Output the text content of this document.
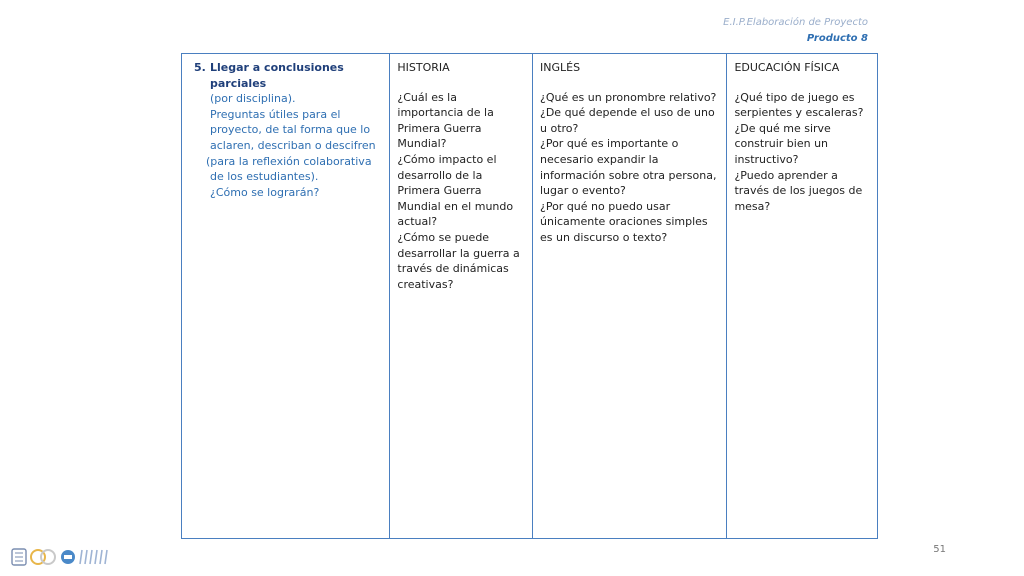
E.I.P.Elaboración de Proyecto
Producto 8
5. Llegar a conclusiones parciales
(por disciplina).
Preguntas útiles para el
proyecto, de tal forma que lo
aclaren, describan o descifren
(para la reflexión colaborativa
de los estudiantes).
¿Cómo se lograrán?
HISTORIA
¿Cuál es la importancia de la Primera Guerra Mundial?
¿Cómo impacto el desarrollo de la Primera Guerra Mundial en el mundo actual?
¿Cómo se puede desarrollar la guerra a través de dinámicas creativas?
INGLÉS
¿Qué es un pronombre relativo?
¿De qué depende el uso de uno u otro?
¿Por qué es importante o necesario expandir la información sobre otra persona, lugar o evento?
¿Por qué no puedo usar únicamente oraciones simples es un discurso o texto?
EDUCACIÓN FÍSICA
¿Qué tipo de juego es serpientes y escaleras?
¿De qué me sirve construir bien un instructivo?
¿Puedo aprender a través de los juegos de mesa?
51
